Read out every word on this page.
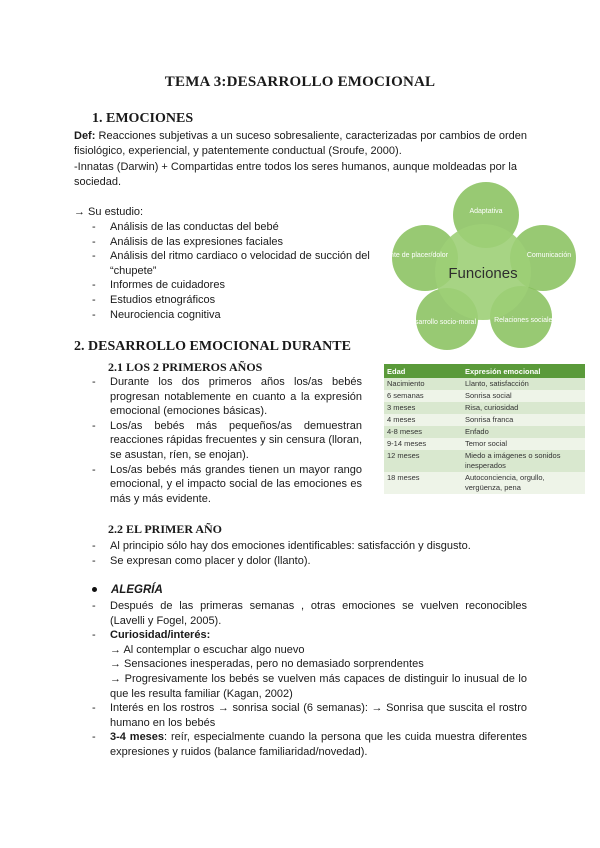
TEMA 3:DESARROLLO EMOCIONAL
1. EMOCIONES
Def: Reacciones subjetivas a un suceso sobresaliente, caracterizadas por cambios de orden fisiológico, experiencial, y patentemente conductual (Sroufe, 2000).
-Innatas (Darwin) + Compartidas entre todos los seres humanos, aunque moldeadas por la sociedad.
→ Su estudio:
- Análisis de las conductas del bebé
- Análisis de las expresiones faciales
- Análisis del ritmo cardiaco o velocidad de succión del “chupete”
- Informes de cuidadores
- Estudios etnográficos
- Neurociencia cognitiva
Funciones
Adaptativa
Comunicación
Relaciones sociales
Desarrollo socio-moral
Fuente de placer/dolor
2. DESARROLLO EMOCIONAL DURANTE
2.1 LOS 2 PRIMEROS AÑOS
- Durante los dos primeros años los/as bebés progresan notablemente en cuanto a la expresión emocional (emociones básicas).
- Los/as bebés más pequeños/as demuestran reacciones rápidas frecuentes y sin censura (lloran, se asustan, ríen, se enojan).
- Los/as bebés más grandes tienen un mayor rango emocional, y el impacto social de las emociones es más y más evidente.
Edad	Expresión emocional
Nacimiento	Llanto, satisfacción
6 semanas	Sonrisa social
3 meses	Risa, curiosidad
4 meses	Sonrisa franca
4-8 meses	Enfado
9-14 meses	Temor social
12 meses	Miedo a imágenes o sonidos inesperados
18 meses	Autoconciencia, orgullo, vergüenza, pena
2.2 EL PRIMER AÑO
- Al principio sólo hay dos emociones identificables: satisfacción y disgusto.
- Se expresan como placer y dolor (llanto).
ALEGRÍA
- Después de las primeras semanas , otras emociones se vuelven reconocibles (Lavelli y Fogel, 2005).
- Curiosidad/interés:
→ Al contemplar o escuchar algo nuevo
→ Sensaciones inesperadas, pero no demasiado sorprendentes
→ Progresivamente los bebés se vuelven más capaces de distinguir lo inusual de lo que les resulta familiar (Kagan, 2002)
- Interés en los rostros → sonrisa social (6 semanas): → Sonrisa que suscita el rostro humano en los bebés
- 3-4 meses: reír, especialmente cuando la persona que les cuida muestra diferentes expresiones y ruidos (balance familiaridad/novedad).
